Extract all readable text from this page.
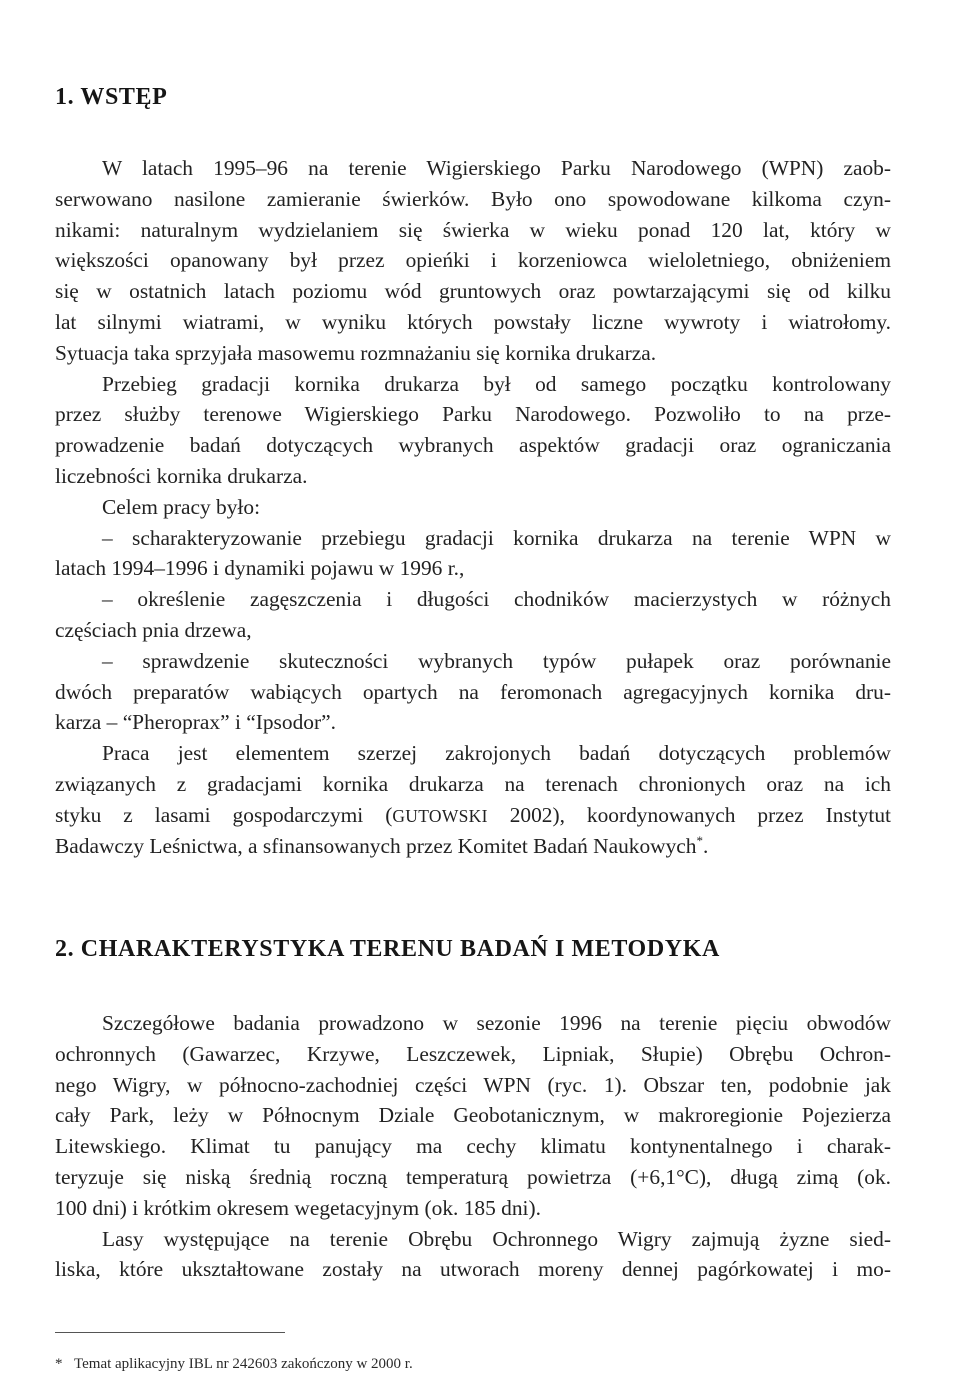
1. WSTĘP
W latach 1995–96 na terenie Wigierskiego Parku Narodowego (WPN) zaob-
serwowano nasilone zamieranie świerków. Było ono spowodowane kilkoma czyn-
nikami: naturalnym wydzielaniem się świerka w wieku ponad 120 lat, który w
większości opanowany był przez opieńki i korzeniowca wieloletniego, obniżeniem
się w ostatnich latach poziomu wód gruntowych oraz powtarzającymi się od kilku
lat silnymi wiatrami, w wyniku których powstały liczne wywroty i wiatrołomy.
Sytuacja taka sprzyjała masowemu rozmnażaniu się kornika drukarza.
Przebieg gradacji kornika drukarza był od samego początku kontrolowany
przez służby terenowe Wigierskiego Parku Narodowego. Pozwoliło to na prze-
prowadzenie badań dotyczących wybranych aspektów gradacji oraz ograniczania
liczebności kornika drukarza.
Celem pracy było:
– scharakteryzowanie przebiegu gradacji kornika drukarza na terenie WPN w
latach 1994–1996 i dynamiki pojawu w 1996 r.,
– określenie zagęszczenia i długości chodników macierzystych w różnych
częściach pnia drzewa,
– sprawdzenie skuteczności wybranych typów pułapek oraz porównanie
dwóch preparatów wabiących opartych na feromonach agregacyjnych kornika dru-
karza – “Pheroprax” i “Ipsodor”.
Praca jest elementem szerzej zakrojonych badań dotyczących problemów
związanych z gradacjami kornika drukarza na terenach chronionych oraz na ich
styku z lasami gospodarczymi (GUTOWSKI 2002), koordynowanych przez Instytut
Badawczy Leśnictwa, a sfinansowanych przez Komitet Badań Naukowych*.
2. CHARAKTERYSTYKA TERENU BADAŃ I METODYKA
Szczegółowe badania prowadzono w sezonie 1996 na terenie pięciu obwodów
ochronnych (Gawarzec, Krzywe, Leszczewek, Lipniak, Słupie) Obrębu Ochron-
nego Wigry, w północno-zachodniej części WPN (ryc. 1). Obszar ten, podobnie jak
cały Park, leży w Północnym Dziale Geobotanicznym, w makroregionie Pojezierza
Litewskiego. Klimat tu panujący ma cechy klimatu kontynentalnego i charak-
teryzuje się niską średnią roczną temperaturą powietrza (+6,1°C), długą zimą (ok.
100 dni) i krótkim okresem wegetacyjnym (ok. 185 dni).
Lasy występujące na terenie Obrębu Ochronnego Wigry zajmują żyzne sied-
liska, które ukształtowane zostały na utworach moreny dennej pagórkowatej i mo-
* Temat aplikacyjny IBL nr 242603 zakończony w 2000 r.
